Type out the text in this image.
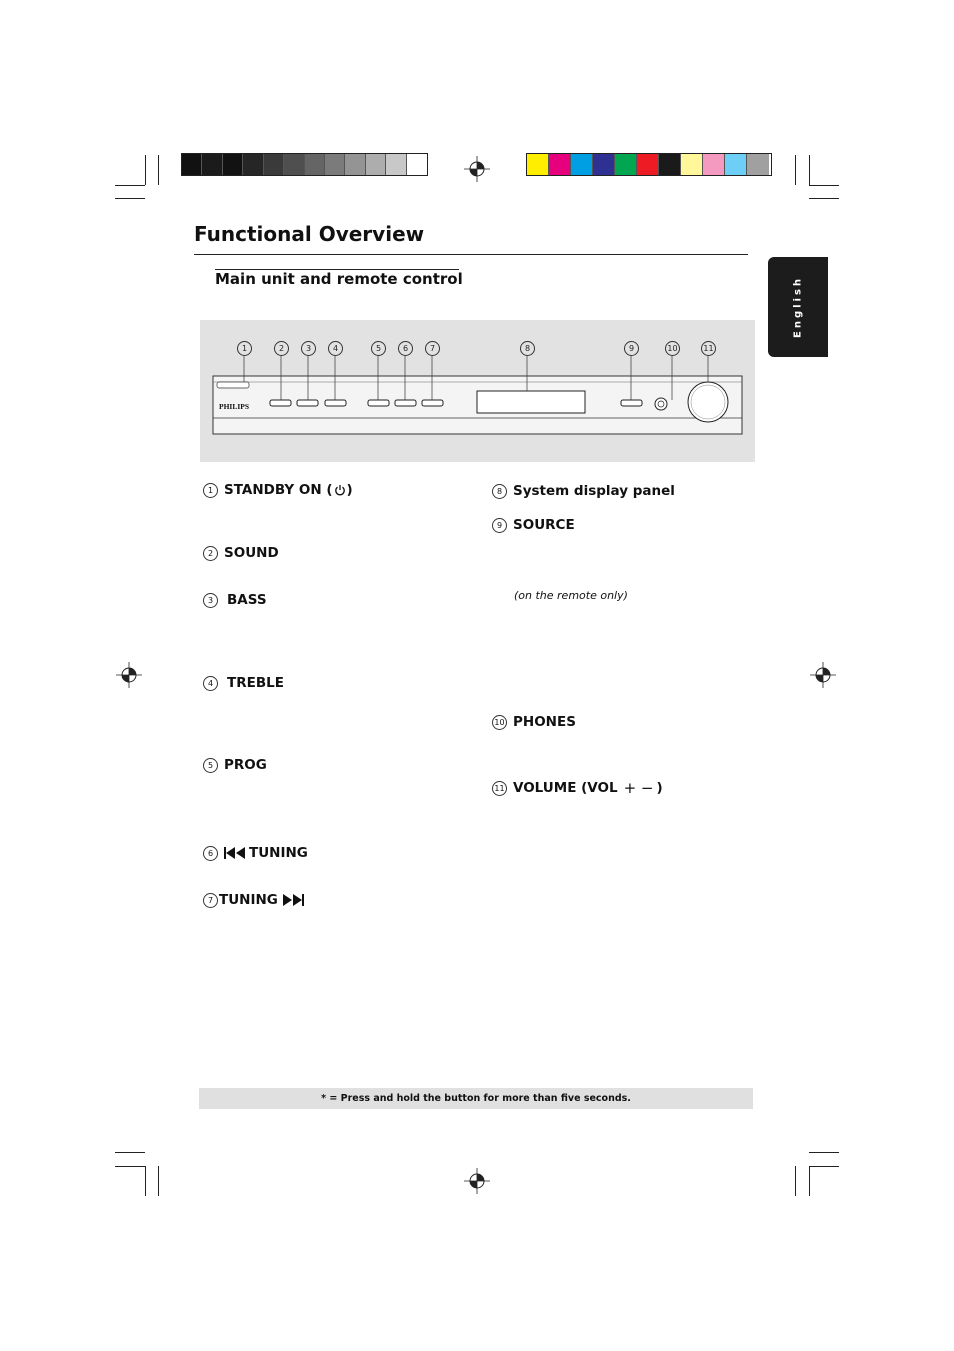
Functional Overview
Main unit and remote control	English
PHILIPS
1	2	3	4	5	6	7	8	9	10	11
1 STANDBY ON ( )
2 SOUND
3	BASS
4	TREBLE
5 PROG
6	TUNING
7 TUNING
8 System display panel
9 SOURCE
(on the remote only)
10 PHONES
11 VOLUME (VOL + − )
* = Press and hold the button for more than five seconds.
